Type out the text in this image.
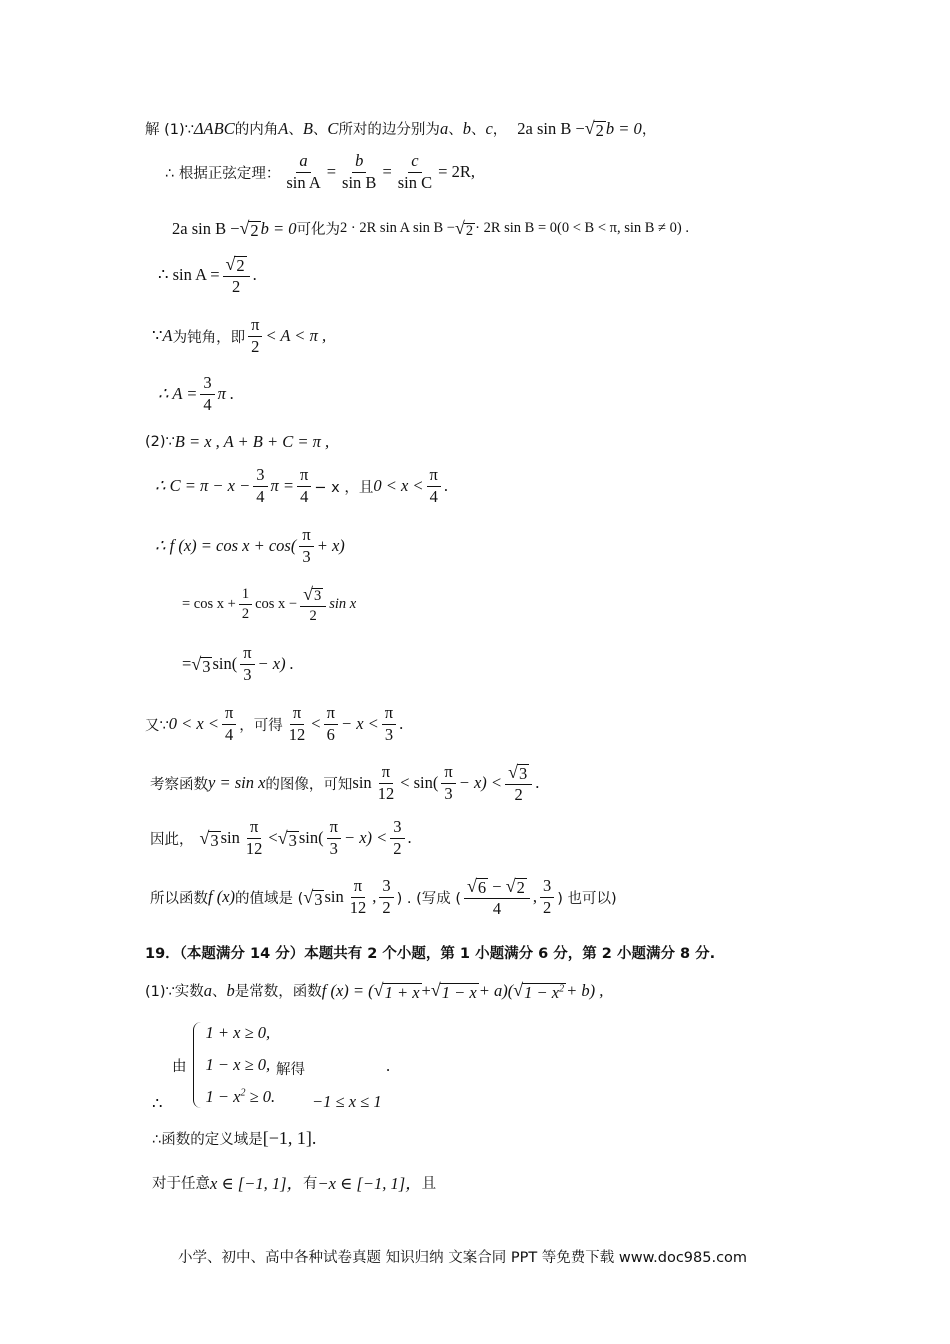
解 (1)∵ ΔABC 的内角 A 、 B 、 C 所对的边分别为 a 、 b 、 c ， 2a sin B − √ 2 b = 0 ，
∴ 根据正弦定理： $\frac{a}{\text{sin A}} = \frac{b}{\text{sin B}} = \frac{c}{\text{sin C}} = 2R$,
2a sin B − √ 2 b = 0 可化为 2 · 2R sin A sin B − √ 2 · 2R sin B = 0(0 < B < π, sin B ≠ 0) .
∴ $\sin A = \frac{√ 2}{2}$ .
∵ A 为钝角，即 $\frac{\pi}{2} < A < \pi$ ,
∴ $A = \frac{3}{4}$ π .
(2)∵ B = x , A + B + C = π ,
∴ $C = \pi - x - \frac{3}{4}$ $\pi = \frac{\pi}{4} - x$ ，且 $0 < x < \frac{\pi}{4}$ .
∴ f $(x) = \cos x + \cos( \frac{\pi}{3} + x)$
= $\cos x + \frac{1}{2}$ $\cos x - \frac{√ 3}{2}$ sin x
= √ 3 $\sin( \frac{\pi}{3} - x)$ .
又∵ $0 < x < \frac{\pi}{4}$ ，可得 $\frac{\pi}{12} < \frac{\pi}{6} - x < \frac{\pi}{3}$ .
考察函数 y = sin x 的图像，可知 $\sin \frac{\pi}{12} < \sin( \frac{\pi}{3} - x) < \frac{√ 3}{2}$ .
因此， √ 3 $\sin \frac{\pi}{12}$ < √ 3 $\sin( \frac{\pi}{3} - x) < \frac{3}{2}$ .
所以函数 f (x) 的值域是 ( √ 3 $\sin \frac{\pi}{12}$ , $\frac{3}{2}$ ) . (写成 ( $\frac{√ 6 - √ 2}{4}$ , $\frac{3}{2}$ ) 也可以)
19．（本题满分 14 分）本题共有 2 个小题，第 1 小题满分 6 分，第 2 小题满分 8 分.
(1)∵实数 a 、 b 是常数，函数 f (x) = ( √ 1 + x + √ 1 − x + a)( √ $1 - x^2 + b$) ,
由
1 + x ≥ 0,
1 − x ≥ 0,
$1 - x^2 \ge 0$.
解得	.
−1 ≤ x ≤ 1
∴
∴函数的定义域是 [−1, 1].
对于任意 x ∈ [−1, 1]， 有 −x ∈ [−1, 1]， 且
小学、初中、高中各种试卷真题 知识归纳 文案合同 PPT 等免费下载 www.doc985.com
